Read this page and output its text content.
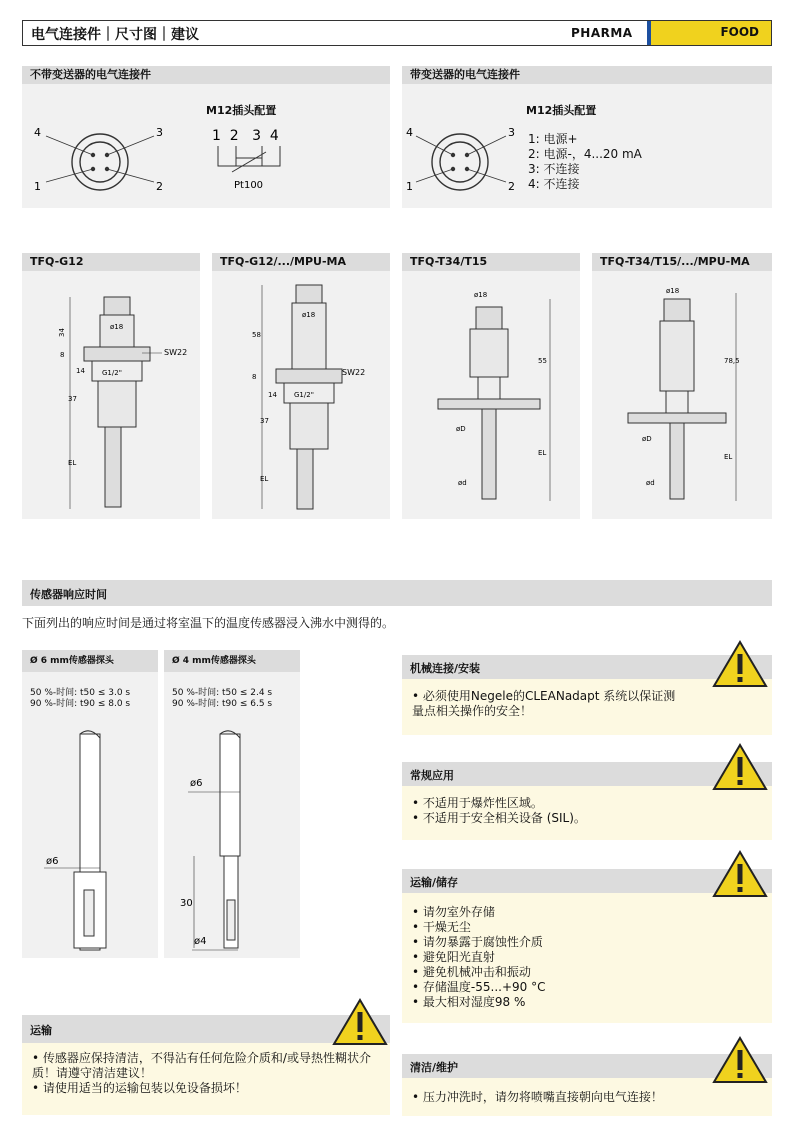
电气连接件｜尺寸图｜建议	PHARMA	FOOD
不带变送器的电气连接件
M12插头配置
1	2
3
4	1  2   3  4
Pt100
带变送器的电气连接件
M12插头配置
1	2
3
4	1: 电源+
2: 电源-，4...20 mA
3: 不连接
4: 不连接
TFQ-G12
34
8
14
37
EL
ø18
SW22
G1/2"
TFQ-G12/.../MPU-MA
58
8
14
37
EL
ø18
SW22
G1/2"
TFQ-T34/T15
ø18
øD
ød
55
EL
TFQ-T34/T15/.../MPU-MA
ø18
øD
ød
78,5
EL
传感器响应时间
下面列出的响应时间是通过将室温下的温度传感器浸入沸水中测得的。
Ø 6 mm传感器探头
50 %-时间: t50 ≤ 3.0 s
90 %-时间: t90 ≤ 8.0 s
ø6
Ø 4 mm传感器探头
50 %-时间: t50 ≤ 2.4 s
90 %-时间: t90 ≤ 6.5 s
ø6
30
ø4
运输
• 传感器应保持清洁，不得沾有任何危险介质和/或导热性糊状介质！请遵守清洁建议！
• 请使用适当的运输包装以免设备损坏！
机械连接/安装
• 必须使用Negele的CLEANadapt 系统以保证测量点相关操作的安全！
常规应用
• 不适用于爆炸性区域。
• 不适用于安全相关设备 (SIL)。
运输/储存
• 请勿室外存储
• 干燥无尘
• 请勿暴露于腐蚀性介质
• 避免阳光直射
• 避免机械冲击和振动
• 存储温度-55...+90 °C
• 最大相对湿度98 %
清洁/维护
• 压力冲洗时，请勿将喷嘴直接朝向电气连接！
